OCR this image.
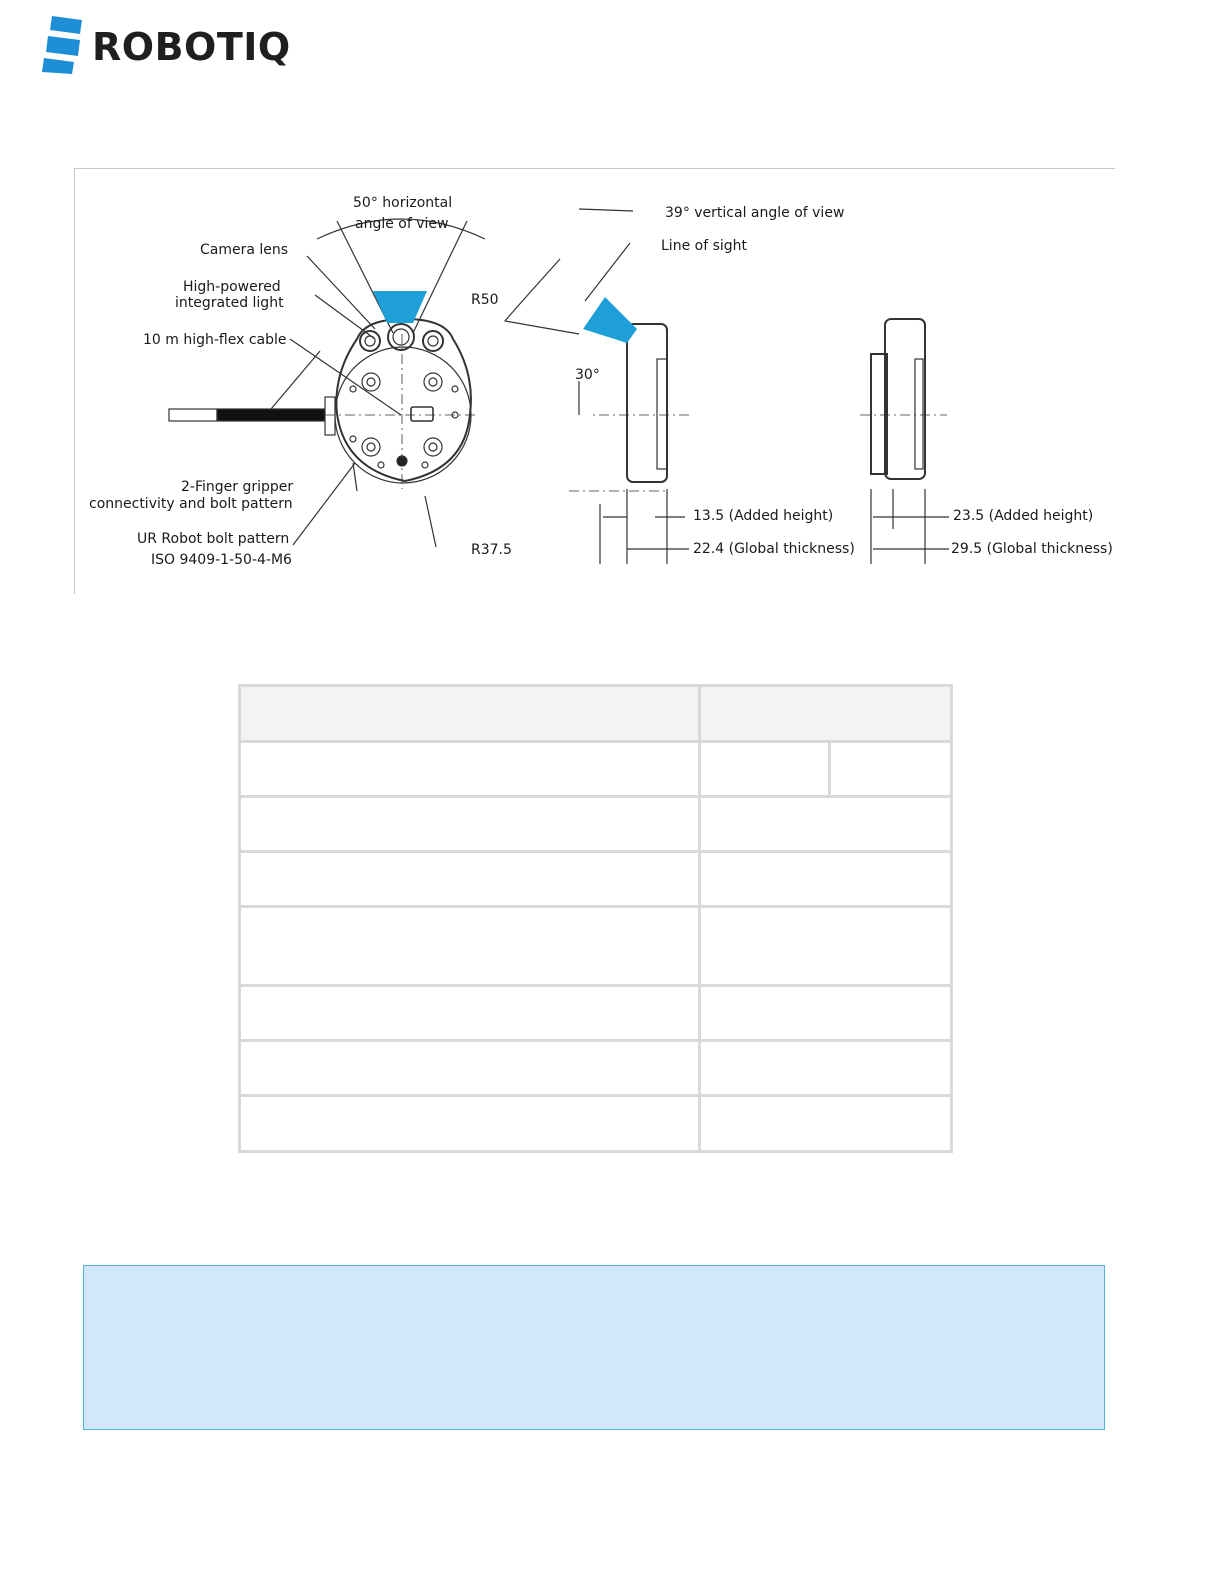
ROBOTIQ
50° horizontal
angle of view
Camera lens
High-powered
integrated light
10 m high-flex cable
R50
2-Finger gripper
connectivity and bolt pattern
UR Robot bolt pattern
ISO 9409-1-50-4-M6
R37.5
39° vertical angle of view
Line of sight
30°
13.5 (Added height)
22.4 (Global thickness)
23.5 (Added height)
29.5 (Global thickness)
